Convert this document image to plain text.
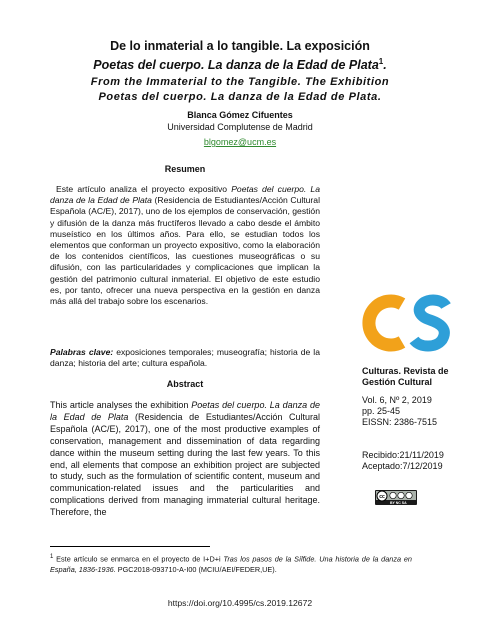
De lo inmaterial a lo tangible. La exposición
Poetas del cuerpo. La danza de la Edad de Plata$^1$.
From the Immaterial to the Tangible. The Exhibition
Poetas del cuerpo. La danza de la Edad de Plata.
Blanca Gómez Cifuentes
Universidad Complutense de Madrid
blgomez@ucm.es
Resumen

Este artículo analiza el proyecto expositivo Poetas del cuerpo. La danza de la Edad de Plata (Residencia de Estudiantes/Acción Cultural Española (AC/E), 2017), uno de los ejemplos de conservación, gestión y difusión de la danza más fructíferos llevado a cabo desde el ámbito museístico en los últimos años. Para ello, se estudian todos los elementos que conforman un proyecto expositivo, como la elaboración de los contenidos científicos, las cuestiones museográficas o su difusión, con las particularidades y complicaciones que implican la gestión del patrimonio cultural inmaterial. El objetivo de este estudio es, por tanto, ofrecer una nueva perspectiva en la gestión en danza más allá del trabajo sobre los escenarios.

Palabras clave: exposiciones temporales; museografía; historia de la danza; historia del arte; cultura española.

Abstract

This article analyses the exhibition Poetas del cuerpo. La danza de la Edad de Plata (Residencia de Estudiantes/Acción Cultural Española (AC/E), 2017), one of the most productive examples of conservation, management and dissemination of data regarding dance within the museum setting during the last few years. To this end, all elements that compose an exhibition project are subjected to study, such as the formulation of scientific content, museum and communication-related issues and the particularities and complications derived from managing immaterial cultural heritage. Therefore, the

$^1$ Este artículo se enmarca en el proyecto de I+D+i Tras los pasos de la Sílfide. Una historia de la danza en España, 1836-1936. PGC2018-093710-A-I00 (MCIU/AEI/FEDER,UE).
https://doi.org/10.4995/cs.2019.12672
Culturas. Revista de Gestión Cultural
Vol. 6, Nº 2, 2019
pp. 25-45
EISSN: 2386-7515
Recibido:21/11/2019
Aceptado:7/12/2019
cc
BY NC SA
